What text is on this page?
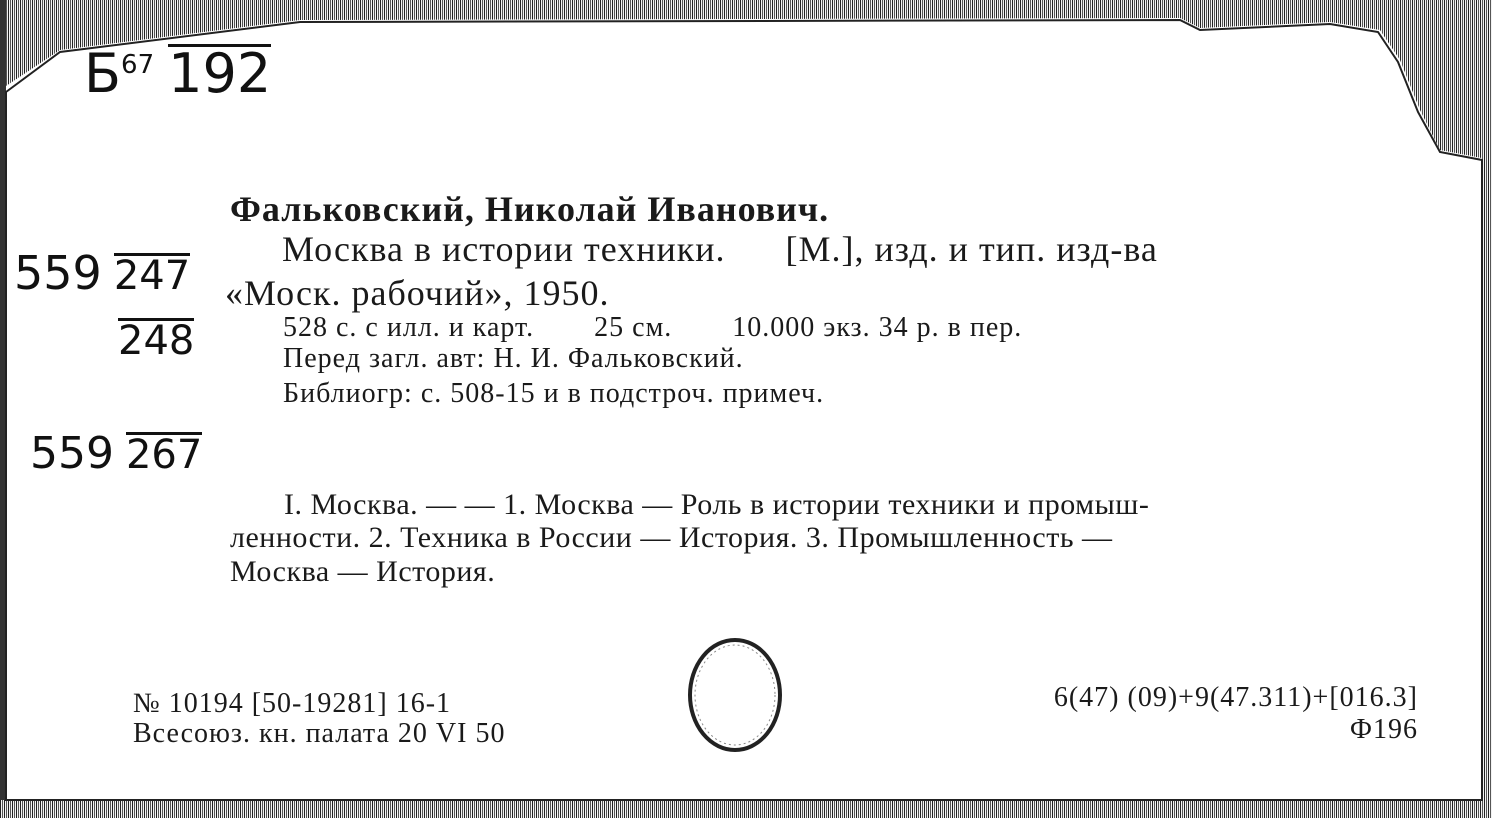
$Б^{67}$ 192
559 247
248
559 267
Фальковский, Николай Иванович.
Москва в истории техники. [М.], изд. и тип. изд-ва
«Моск. рабочий», 1950.
528 с. с илл. и карт. 25 см. 10.000 экз. 34 р. в пер.
Перед загл. авт: Н. И. Фальковский.
Библиогр: с. 508-15 и в подстроч. примеч.
I. Москва. — — 1. Москва — Роль в истории техники и промыш-
ленности. 2. Техника в России — История. 3. Промышленность —
Москва — История.
№ 10194 [50-19281] 16-1
Всесоюз. кн. палата 20 VI 50
6(47) (09)+9(47.311)+[016.3]
Ф196
